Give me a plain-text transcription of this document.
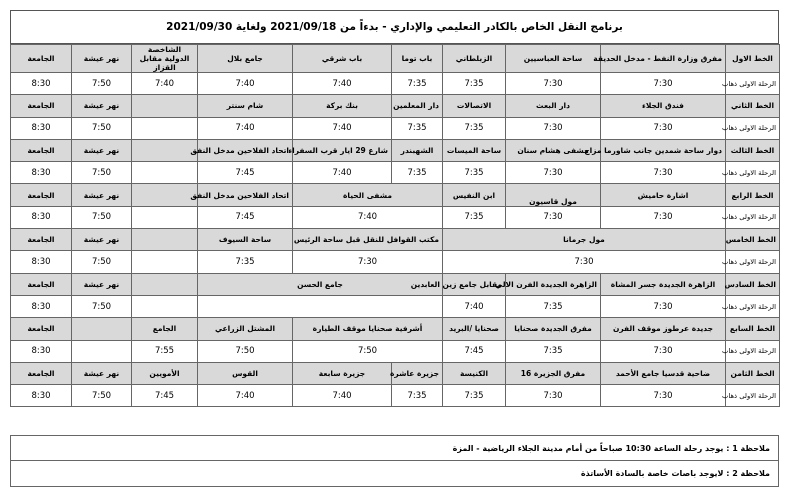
برنامج النقل الخاص بالكادر التعليمي والإداري - بدءاً من 2021/09/18 ولغاية 2021/09/30
الخط الاول	مفرق وزارة النفط - مدخل الحديقة	ساحة العباسيين	الزبلطاني	باب توما	باب شرقي	جامع بلال	الشاخصة الدولية مقابل القزاز	نهر عيشة	الجامعة
الرحلة الاولى ذهاب	7:30	7:30	7:35	7:35	7:40	7:40	7:40	7:50	8:30
الخط الثاني	فندق الجلاء	دار البعث	الاتصالات	دار المعلمين	بنك بركة	شام سنتر		نهر عيشة	الجامعة
الرحلة الاولى ذهاب	7:30	7:30	7:35	7:35	7:40	7:40		7:50	8:30
الخط الثالث	دوار ساحة شمدين جانب شاورما مزاج	مشفى هشام سنان	ساحة الميسات	الشهبندر	شارع 29 ايار قرب السفراء	اتحاد الفلاحين مدخل النفق		نهر عيشة	الجامعة
الرحلة الاولى ذهاب	7:30	7:30	7:35	7:35	7:40	7:45		7:50	8:30
الخط الرابع	اشارة حاميش	مول قاسيون	ابن النفيس	مشفى الحياة		اتحاد الفلاحين مدخل النفق		نهر عيشة	الجامعة
الرحلة الاولى ذهاب	7:30	7:30	7:35	7:40		7:45		7:50	8:30
الخط الخامس	مول جرمانا			مكتب القوافل للنقل قبل ساحة الرئيس		ساحة السيوف		نهر عيشة	الجامعة
الرحلة الاولى ذهاب	7:30			7:30		7:35		7:50	8:30
الخط السادس	الزاهرة الجديدة جسر المشاة	الزاهرة الجديدة الفرن الالي	مقابل جامع زين العابدين	جامع الحسن				نهر عيشة	الجامعة
الرحلة الاولى ذهاب	7:30	7:35	7:40					7:50	8:30
الخط السابع	جديدة عرطوز موقف الفرن	مفرق الجديدة صحنايا	صحنايا /البريد	أشرفية صحنايا موقف الطيارة		المشتل الزراعي	الجامع		الجامعة
الرحلة الاولى ذهاب	7:30	7:35	7:45	7:50		7:50	7:55		8:30
الخط الثامن	ضاحية قدسيا جامع الأحمد	مفرق الجزيرة 16	الكنيسة	جزيرة عاشرة	جزيرة سابعة	القوس	الأمويين	نهر عيشة	الجامعة
الرحلة الاولى ذهاب	7:30	7:30	7:35	7:35	7:40	7:40	7:45	7:50	8:30
ملاحظة 1 : يوجد رحلة الساعة 10:30 صباحاً من أمام مدينة الجلاء الرياضية - المزة
ملاحظة 2 : لايوجد باصات خاصة بالسادة الأساتذة
